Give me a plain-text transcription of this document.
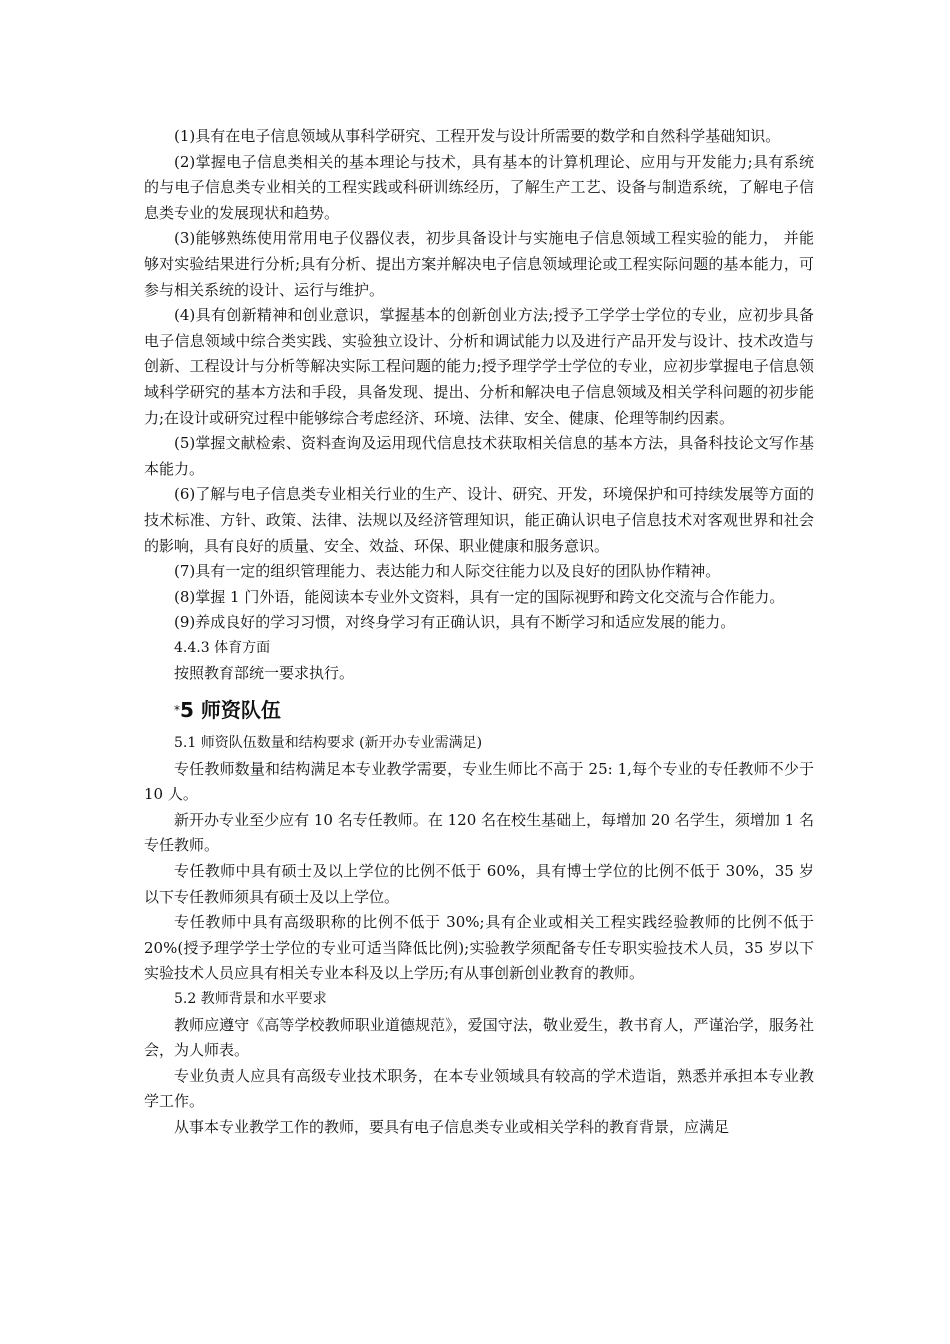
(1)具有在电子信息领域从事科学研究、工程开发与设计所需要的数学和自然科学基础知识。

(2)掌握电子信息类相关的基本理论与技术，具有基本的计算机理论、应用与开发能力;具有系统的与电子信息类专业相关的工程实践或科研训练经历，了解生产工艺、设备与制造系统，了解电子信息类专业的发展现状和趋势。

(3)能够熟练使用常用电子仪器仪表，初步具备设计与实施电子信息领域工程实验的能力， 并能够对实验结果进行分析;具有分析、提出方案并解决电子信息领域理论或工程实际问题的基本能力，可参与相关系统的设计、运行与维护。

(4)具有创新精神和创业意识，掌握基本的创新创业方法;授予工学学士学位的专业，应初步具备电子信息领域中综合类实践、实验独立设计、分析和调试能力以及进行产品开发与设计、技术改造与创新、工程设计与分析等解决实际工程问题的能力;授予理学学士学位的专业，应初步掌握电子信息领域科学研究的基本方法和手段，具备发现、提出、分析和解决电子信息领域及相关学科问题的初步能力;在设计或研究过程中能够综合考虑经济、环境、法律、安全、健康、伦理等制约因素。

(5)掌握文献检索、资料查询及运用现代信息技术获取相关信息的基本方法，具备科技论文写作基本能力。

(6)了解与电子信息类专业相关行业的生产、设计、研究、开发，环境保护和可持续发展等方面的技术标准、方针、政策、法律、法规以及经济管理知识，能正确认识电子信息技术对客观世界和社会的影响，具有良好的质量、安全、效益、环保、职业健康和服务意识。

(7)具有一定的组织管理能力、表达能力和人际交往能力以及良好的团队协作精神。

(8)掌握 1 门外语，能阅读本专业外文资料，具有一定的国际视野和跨文化交流与合作能力。

(9)养成良好的学习习惯，对终身学习有正确认识，具有不断学习和适应发展的能力。

4.4.3 体育方面

按照教育部统一要求执行。

*5 师资队伍

5.1 师资队伍数量和结构要求 (新开办专业需满足)

专任教师数量和结构满足本专业教学需要，专业生师比不高于 25: 1,每个专业的专任教师不少于 10 人。

新开办专业至少应有 10 名专任教师。在 120 名在校生基础上，每增加 20 名学生，须增加 1 名专任教师。

专任教师中具有硕士及以上学位的比例不低于 60%，具有博士学位的比例不低于 30%，35 岁以下专任教师须具有硕士及以上学位。

专任教师中具有高级职称的比例不低于 30%;具有企业或相关工程实践经验教师的比例不低于 20%(授予理学学士学位的专业可适当降低比例);实验教学须配备专任专职实验技术人员，35 岁以下实验技术人员应具有相关专业本科及以上学历;有从事创新创业教育的教师。

5.2 教师背景和水平要求

教师应遵守《高等学校教师职业道德规范》，爱国守法，敬业爱生，教书育人，严谨治学，服务社会，为人师表。

专业负责人应具有高级专业技术职务，在本专业领域具有较高的学术造诣，熟悉并承担本专业教学工作。

从事本专业教学工作的教师，要具有电子信息类专业或相关学科的教育背景，应满足
